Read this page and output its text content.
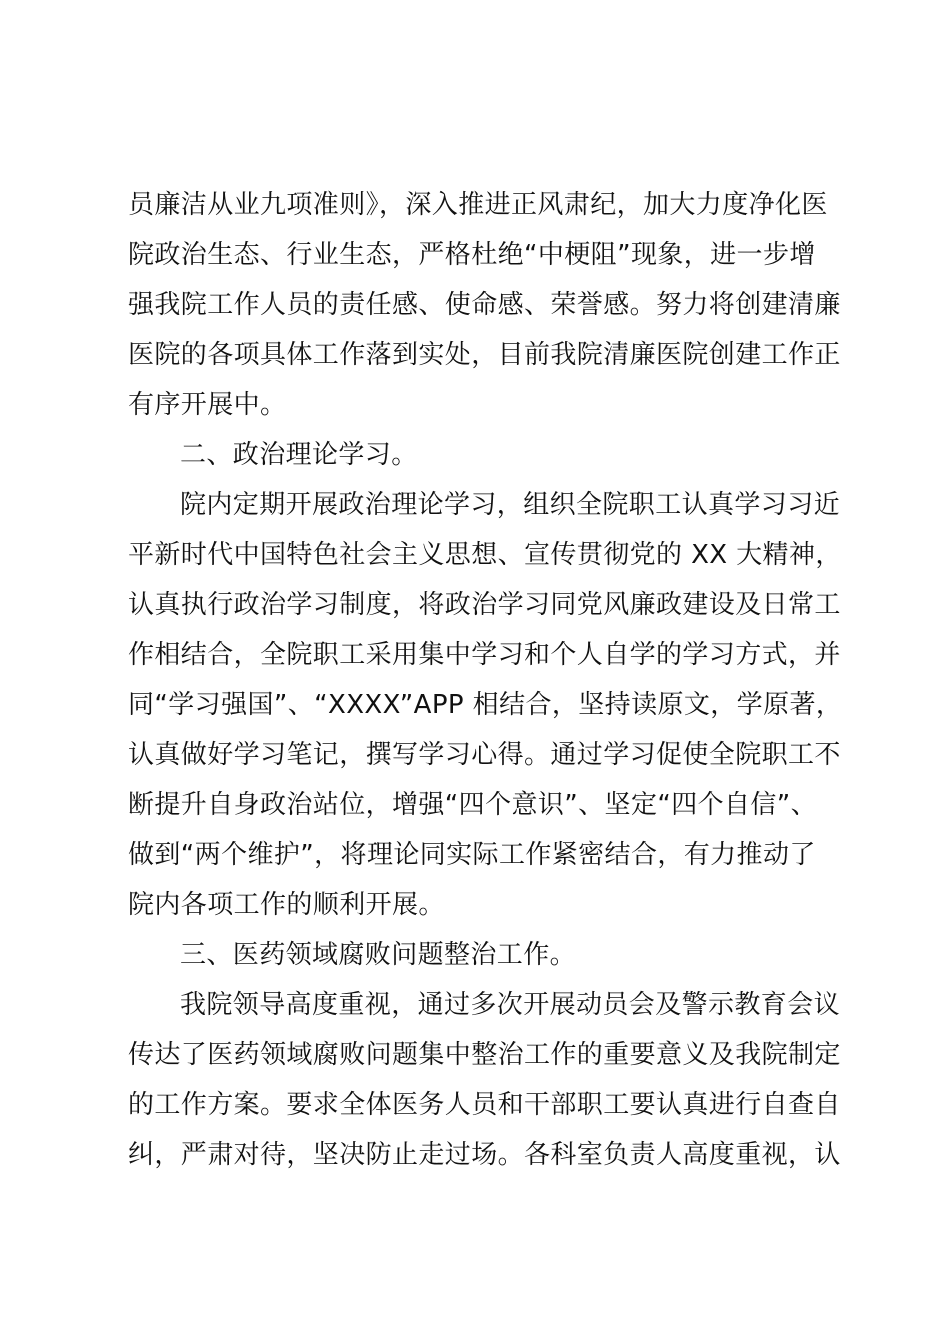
员廉洁从业九项准则》，深入推进正风肃纪，加大力度净化医
院政治生态、行业生态，严格杜绝“中梗阻”现象，进一步增
强我院工作人员的责任感、使命感、荣誉感。努力将创建清廉
医院的各项具体工作落到实处，目前我院清廉医院创建工作正
有序开展中。
二、政治理论学习。
院内定期开展政治理论学习，组织全院职工认真学习习近
平新时代中国特色社会主义思想、宣传贯彻党的 XX 大精神，
认真执行政治学习制度，将政治学习同党风廉政建设及日常工
作相结合，全院职工采用集中学习和个人自学的学习方式，并
同“学习强国”、“XXXX”APP 相结合，坚持读原文，学原著，
认真做好学习笔记，撰写学习心得。通过学习促使全院职工不
断提升自身政治站位，增强“四个意识”、坚定“四个自信”、
做到“两个维护”，将理论同实际工作紧密结合，有力推动了
院内各项工作的顺利开展。
三、医药领域腐败问题整治工作。
我院领导高度重视，通过多次开展动员会及警示教育会议
传达了医药领域腐败问题集中整治工作的重要意义及我院制定
的工作方案。要求全体医务人员和干部职工要认真进行自查自
纠，严肃对待，坚决防止走过场。各科室负责人高度重视，认
